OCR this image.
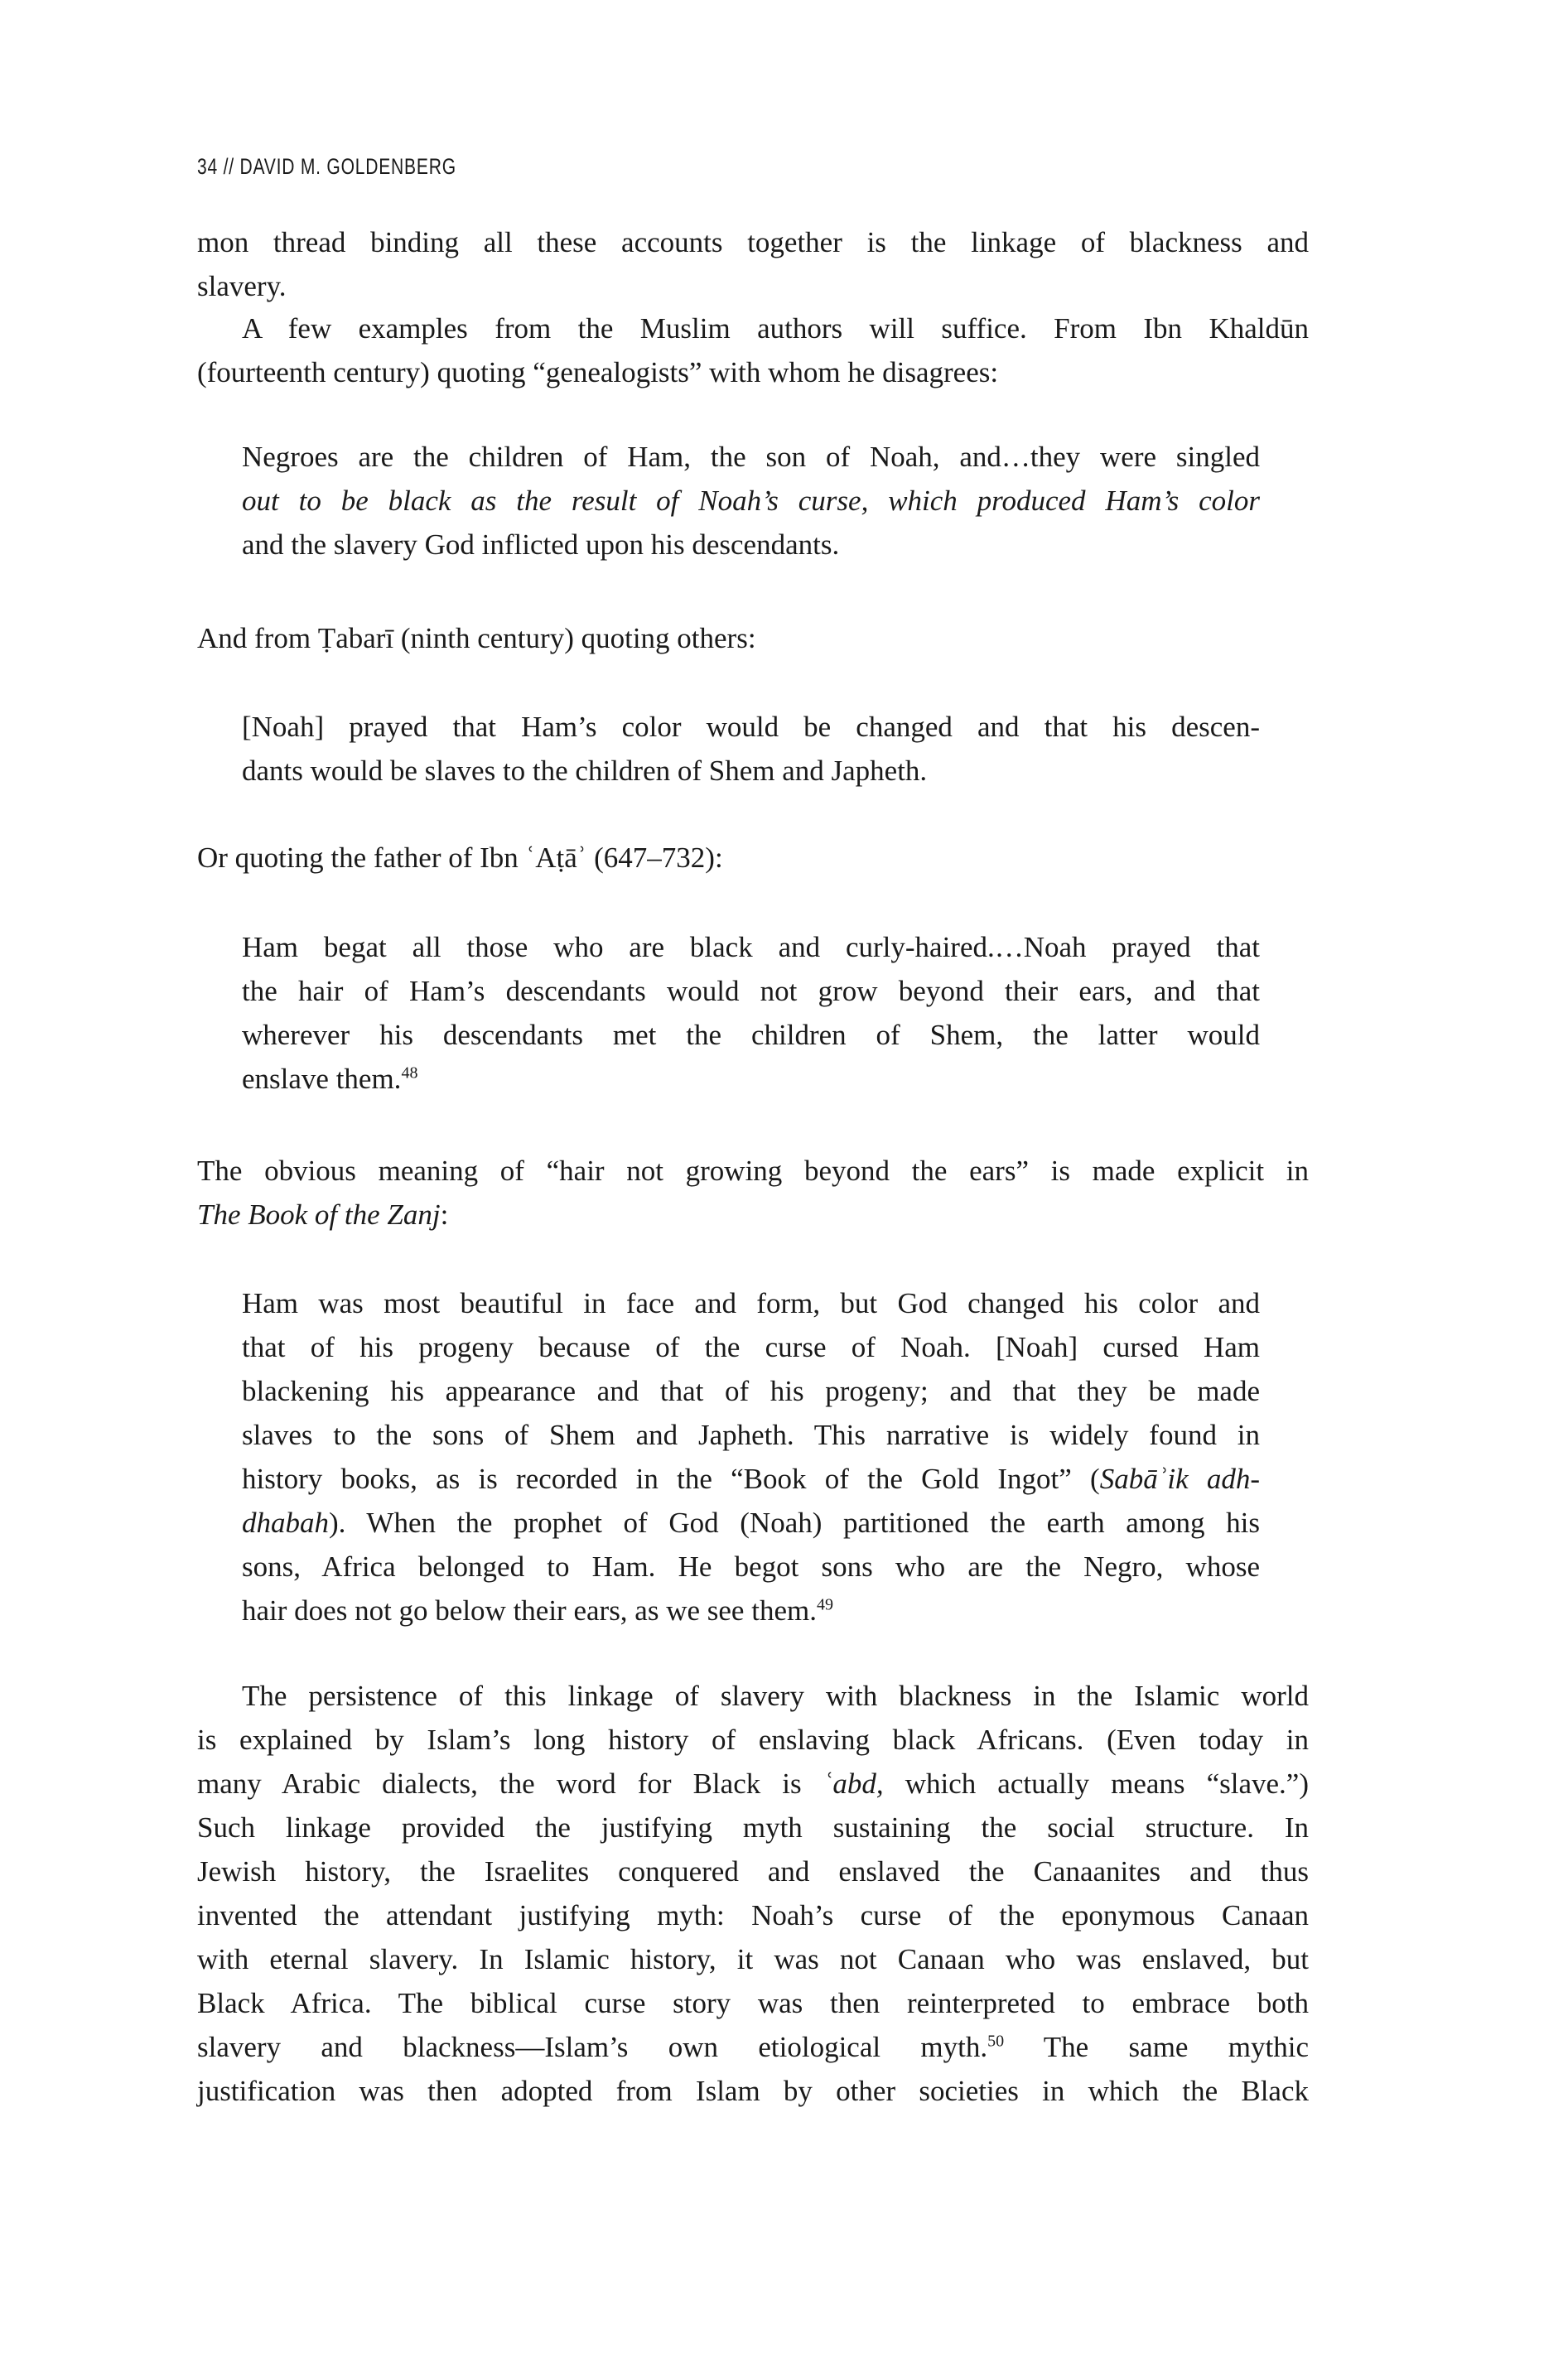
34 // DAVID M. GOLDENBERG
mon thread binding all these accounts together is the linkage of blackness and
slavery.
A few examples from the Muslim authors will suffice. From Ibn Khaldūn
(fourteenth century) quoting “genealogists” with whom he disagrees:
Negroes are the children of Ham, the son of Noah, and…they were singled
out to be black as the result of Noah’s curse, which produced Ham’s color
and the slavery God inflicted upon his descendants.
And from Ṭabarī (ninth century) quoting others:
[Noah] prayed that Ham’s color would be changed and that his descen-
dants would be slaves to the children of Shem and Japheth.
Or quoting the father of Ibn ʿAṭāʾ (647–732):
Ham begat all those who are black and curly-haired.…Noah prayed that
the hair of Ham’s descendants would not grow beyond their ears, and that
wherever his descendants met the children of Shem, the latter would
enslave them.$^{48}$
The obvious meaning of “hair not growing beyond the ears” is made explicit in
The Book of the Zanj:
Ham was most beautiful in face and form, but God changed his color and
that of his progeny because of the curse of Noah. [Noah] cursed Ham
blackening his appearance and that of his progeny; and that they be made
slaves to the sons of Shem and Japheth. This narrative is widely found in
history books, as is recorded in the “Book of the Gold Ingot” (Sabāʾik adh-
dhabah). When the prophet of God (Noah) partitioned the earth among his
sons, Africa belonged to Ham. He begot sons who are the Negro, whose
hair does not go below their ears, as we see them.$^{49}$
The persistence of this linkage of slavery with blackness in the Islamic world
is explained by Islam’s long history of enslaving black Africans. (Even today in
many Arabic dialects, the word for Black is ʿabd, which actually means “slave.”)
Such linkage provided the justifying myth sustaining the social structure. In
Jewish history, the Israelites conquered and enslaved the Canaanites and thus
invented the attendant justifying myth: Noah’s curse of the eponymous Canaan
with eternal slavery. In Islamic history, it was not Canaan who was enslaved, but
Black Africa. The biblical curse story was then reinterpreted to embrace both
slavery and blackness—Islam’s own etiological myth.$^{50}$ The same mythic
justification was then adopted from Islam by other societies in which the Black
